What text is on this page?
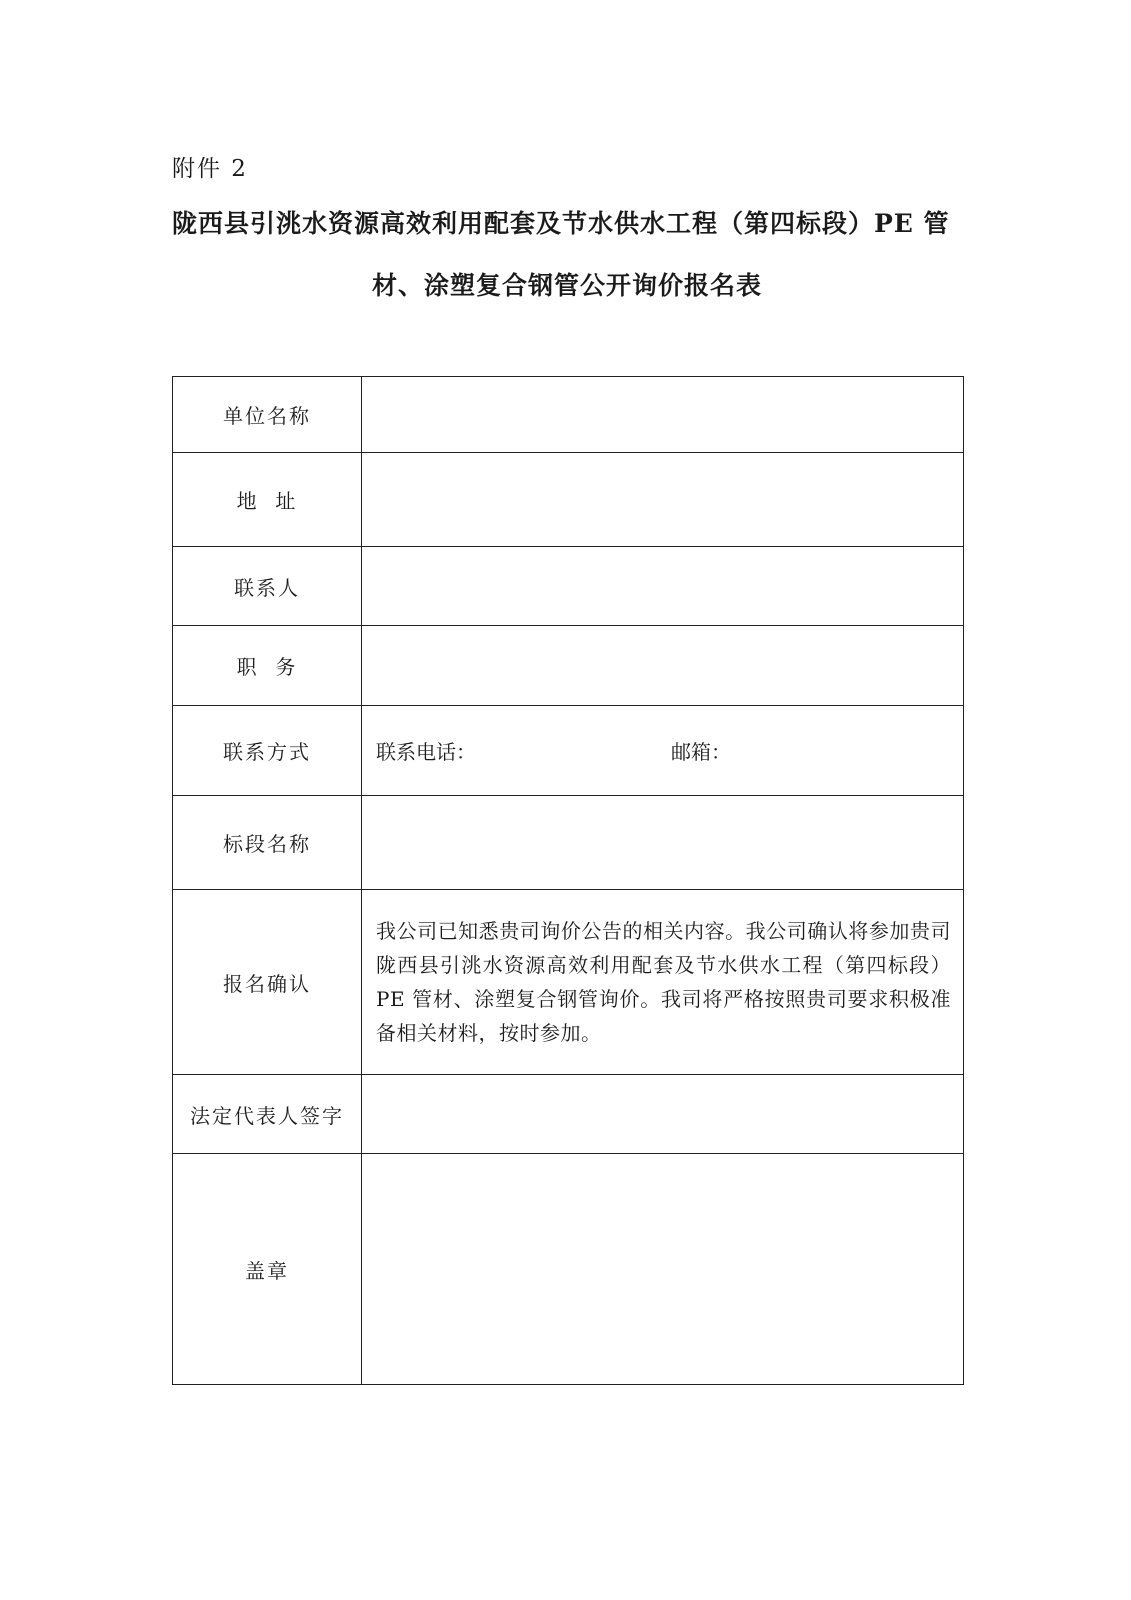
附件 2
陇西县引洮水资源高效利用配套及节水供水工程（第四标段）PE 管
材、涂塑复合钢管公开询价报名表
单位名称	
地  址	
联系人	
职  务	
联系方式	联系电话： 邮箱：
标段名称	
报名确认	我公司已知悉贵司询价公告的相关内容。我公司确认将参加贵司陇西县引洮水资源高效利用配套及节水供水工程（第四标段）PE 管材、涂塑复合钢管询价。我司将严格按照贵司要求积极准备相关材料，按时参加。

法定代表人签字	
盖章	
